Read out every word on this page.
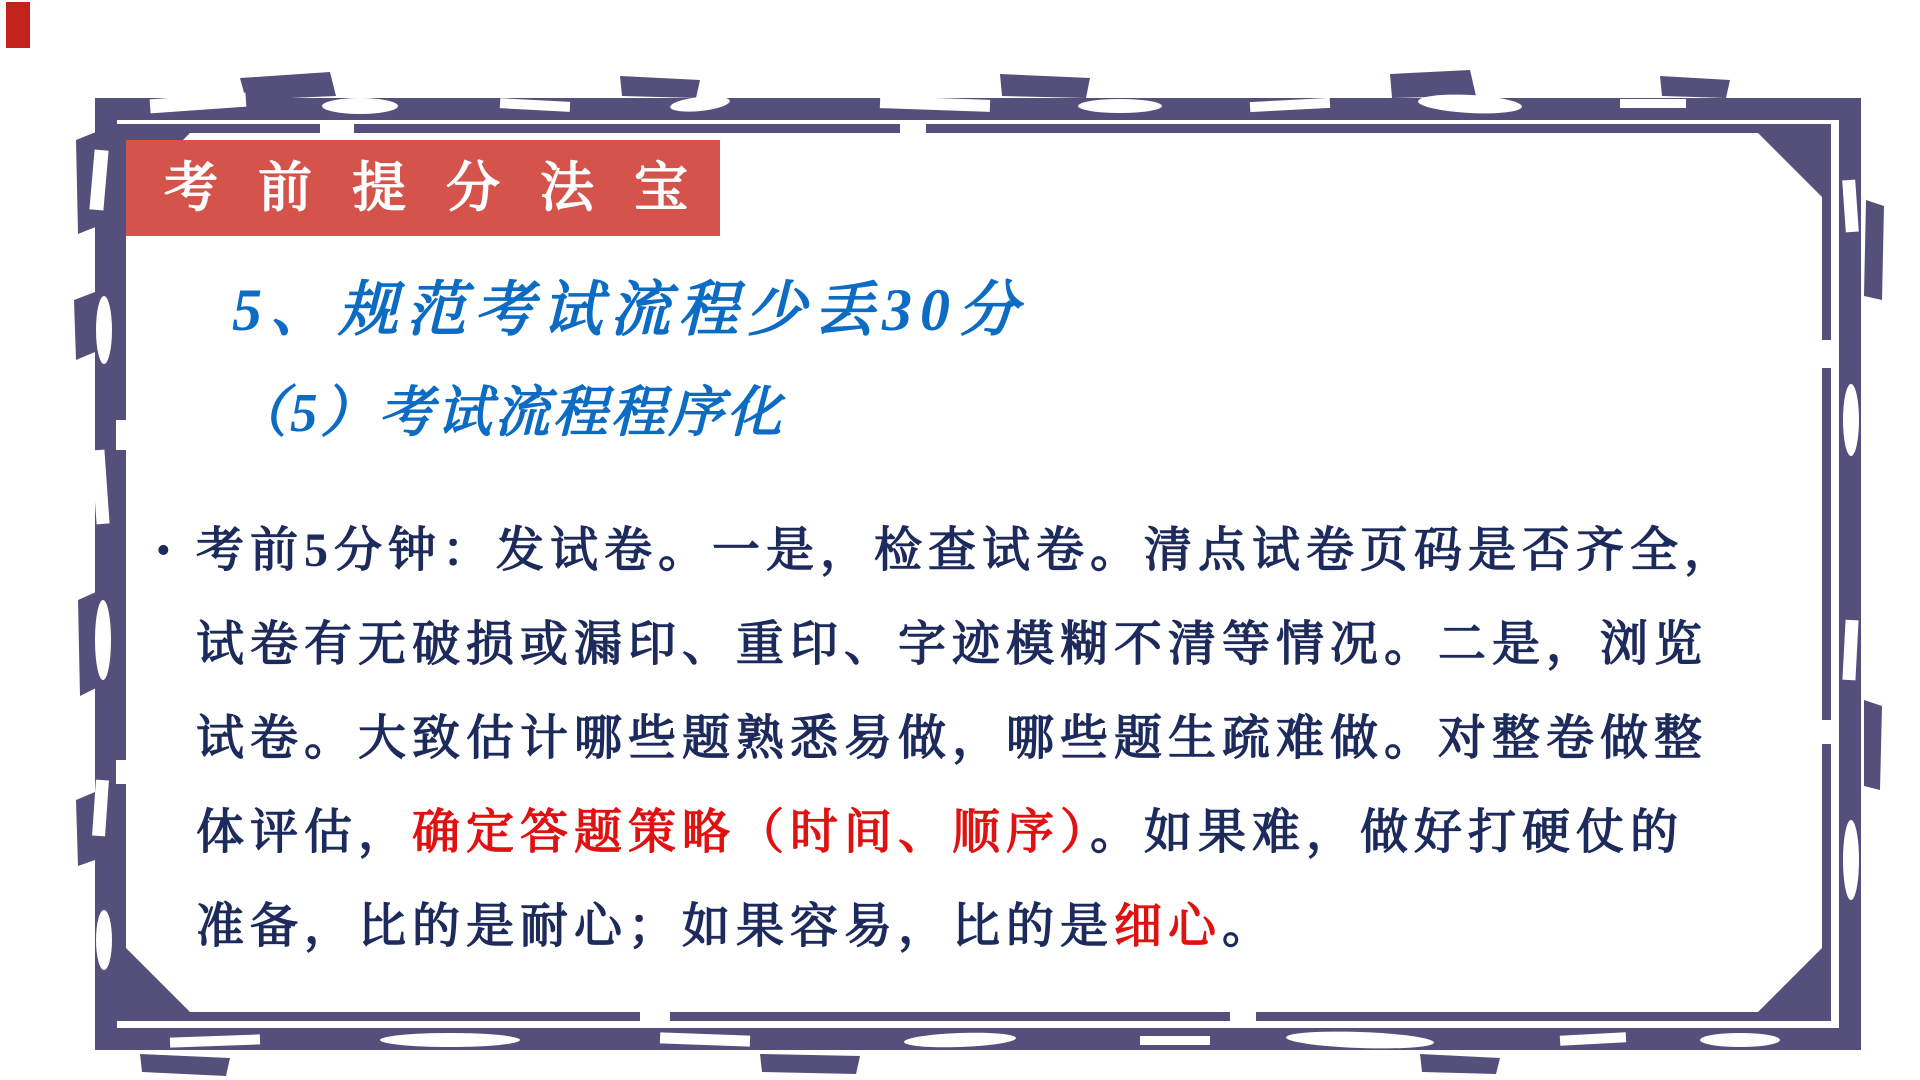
考前提分法宝
5、规范考试流程少丢30分
（5）考试流程程序化
• 考前5分钟：发试卷。一是，检查试卷。清点试卷页码是否齐全，
试卷有无破损或漏印、重印、字迹模糊不清等情况。二是，浏览
试卷。大致估计哪些题熟悉易做，哪些题生疏难做。对整卷做整
体评估，确定答题策略（时间、顺序）。如果难，做好打硬仗的
准备，比的是耐心；如果容易，比的是细心。
